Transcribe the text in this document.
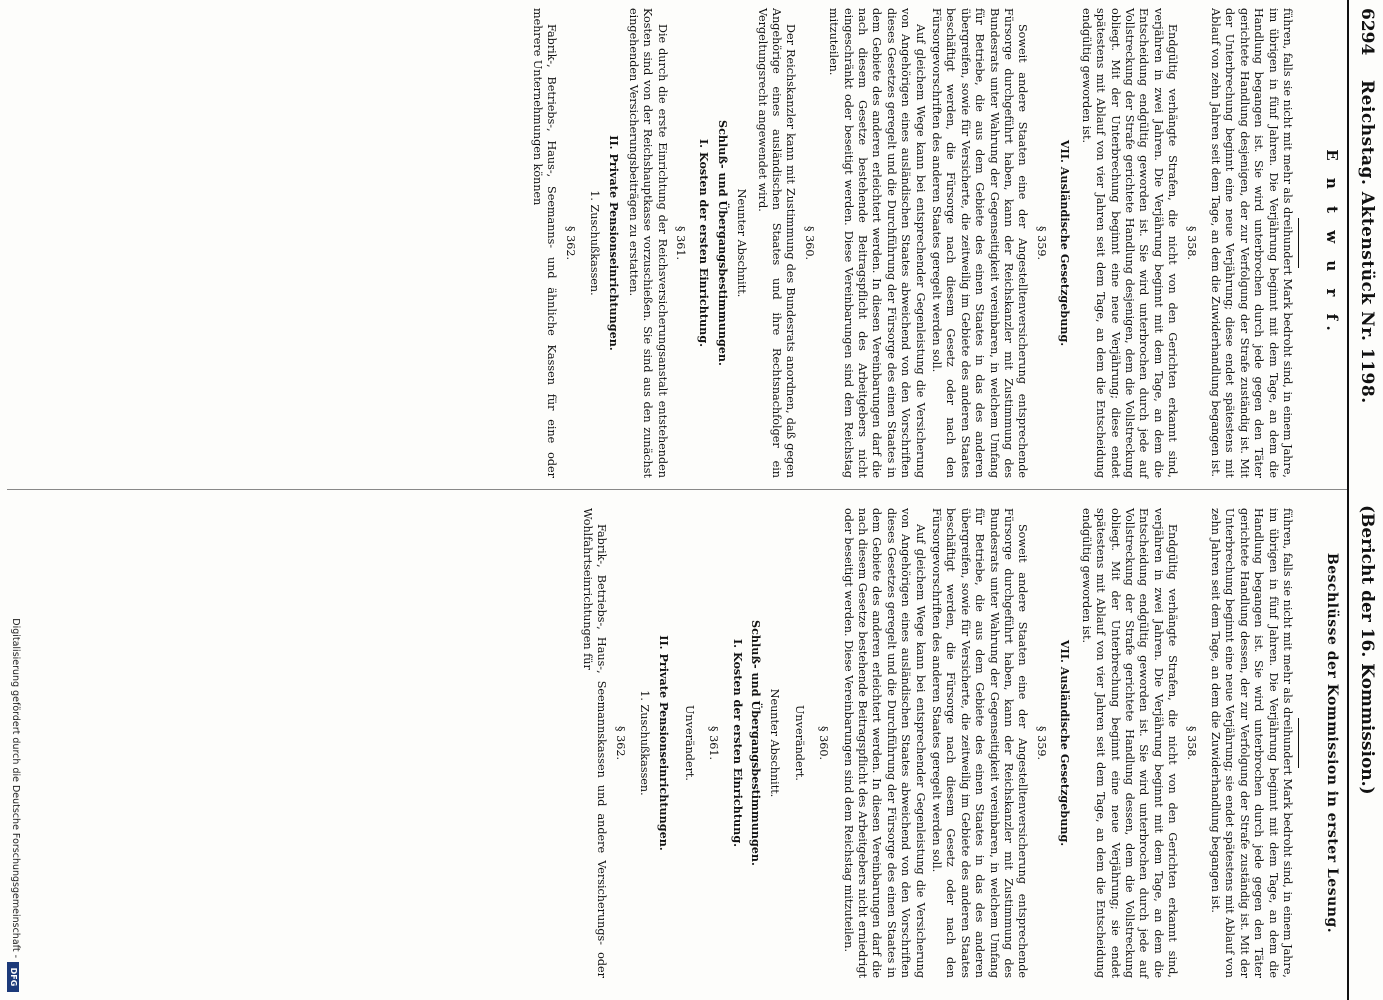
6294
Reichstag. Aktenstück Nr. 1198.
(Bericht der 16. Kommission.)
E n t w u r f.

führen, falls sie nicht mit mehr als dreihundert Mark bedroht sind, in einem Jahre, im übrigen in fünf Jahren. Die Verjährung beginnt mit dem Tage, an dem die Handlung begangen ist. Sie wird unterbrochen durch jede gegen den Täter gerichtete Handlung desjenigen, der zur Verfolgung der Strafe zuständig ist. Mit der Unterbrechung beginnt eine neue Verjährung; diese endet spätestens mit Ablauf von zehn Jahren seit dem Tage, an dem die Zuwiderhandlung begangen ist.

§ 358.

Endgültig verhängte Strafen, die nicht von den Gerichten erkannt sind, verjähren in zwei Jahren. Die Verjährung beginnt mit dem Tage, an dem die Entscheidung endgültig geworden ist. Sie wird unterbrochen durch jede auf Vollstreckung der Strafe gerichtete Handlung desjenigen, dem die Vollstreckung obliegt. Mit der Unterbrechung beginnt eine neue Verjährung; diese endet spätestens mit Ablauf von vier Jahren seit dem Tage, an dem die Entscheidung endgültig geworden ist.

VII. Ausländische Gesetzgebung.
§ 359.

Soweit andere Staaten eine der Angestelltenversicherung entsprechende Fürsorge durchgeführt haben, kann der Reichskanzler mit Zustimmung des Bundesrats unter Wahrung der Gegenseitigkeit vereinbaren, in welchem Umfang für Betriebe, die aus dem Gebiete des einen Staates in das des anderen übergreifen, sowie für Versicherte, die zeitweilig im Gebiete des anderen Staates beschäftigt werden, die Fürsorge nach diesem Gesetz oder nach den Fürsorgevorschriften des anderen Staates geregelt werden soll.

Auf gleichem Wege kann bei entsprechender Gegenleistung die Versicherung von Angehörigen eines ausländischen Staates abweichend von den Vorschriften dieses Gesetzes geregelt und die Durchführung der Fürsorge des einen Staates in dem Gebiete des anderen erleichtert werden. In diesen Vereinbarungen darf die nach diesem Gesetze bestehende Beitragspflicht des Arbeitgebers nicht eingeschränkt oder beseitigt werden. Diese Vereinbarungen sind dem Reichstag mitzuteilen.

§ 360.

Der Reichskanzler kann mit Zustimmung des Bundesrats anordnen, daß gegen Angehörige eines ausländischen Staates und ihre Rechtsnachfolger ein Vergeltungsrecht angewendet wird.

Neunter Abschnitt.
Schluß- und Übergangsbestimmungen.
I. Kosten der ersten Einrichtung.
§ 361.

Die durch die erste Einrichtung der Reichsversicherungsanstalt entstehenden Kosten sind von der Reichshauptkasse vorzuschießen. Sie sind aus den zunächst eingehenden Versicherungsbeiträgen zu erstatten.

II. Private Pensionseinrichtungen.
1. Zuschußkassen.
§ 362.

Fabrik-, Betriebs-, Haus-, Seemanns- und ähnliche Kassen für eine oder mehrere Unternehmungen können

Beschlüsse der Kommission in erster Lesung.

führen, falls sie nicht mit mehr als dreihundert Mark bedroht sind, in einem Jahre, im übrigen in fünf Jahren. Die Verjährung beginnt mit dem Tage, an dem die Handlung begangen ist. Sie wird unterbrochen durch jede gegen den Täter gerichtete Handlung dessen, der zur Verfolgung der Strafe zuständig ist. Mit der Unterbrechung beginnt eine neue Verjährung; sie endet spätestens mit Ablauf von zehn Jahren seit dem Tage, an dem die Zuwiderhandlung begangen ist.

§ 358.

Endgültig verhängte Strafen, die nicht von den Gerichten erkannt sind, verjähren in zwei Jahren. Die Verjährung beginnt mit dem Tage, an dem die Entscheidung endgültig geworden ist. Sie wird unterbrochen durch jede auf Vollstreckung der Strafe gerichtete Handlung dessen, dem die Vollstreckung obliegt. Mit der Unterbrechung beginnt eine neue Verjährung; sie endet spätestens mit Ablauf von vier Jahren seit dem Tage, an dem die Entscheidung endgültig geworden ist.

VII. Ausländische Gesetzgebung.
§ 359.

Soweit andere Staaten eine der Angestelltenversicherung entsprechende Fürsorge durchgeführt haben, kann der Reichskanzler mit Zustimmung des Bundesrats unter Wahrung der Gegenseitigkeit vereinbaren, in welchem Umfang für Betriebe, die aus dem Gebiete des einen Staates in das des anderen übergreifen, sowie für Versicherte, die zeitweilig im Gebiete des anderen Staates beschäftigt werden, die Fürsorge nach diesem Gesetz oder nach den Fürsorgevorschriften des anderen Staates geregelt werden soll.

Auf gleichem Wege kann bei entsprechender Gegenleistung die Versicherung von Angehörigen eines ausländischen Staates abweichend von den Vorschriften dieses Gesetzes geregelt und die Durchführung der Fürsorge des einen Staates in dem Gebiete des anderen erleichtert werden. In diesen Vereinbarungen darf die nach diesem Gesetze bestehende Beitragspflicht des Arbeitgebers nicht erniedrigt oder beseitigt werden. Diese Vereinbarungen sind dem Reichstag mitzuteilen.

§ 360.
Unverändert.
Neunter Abschnitt.
Schluß- und Übergangsbestimmungen.
I. Kosten der ersten Einrichtung.
§ 361.
Unverändert.
II. Private Pensionseinrichtungen.
1. Zuschußkassen.
§ 362.

Fabrik-, Betriebs-, Haus-, Seemannskassen und andere Versicherungs- oder Wohlfahrtseinrichtungen für

Digitalisierung gefördert durch die Deutsche Forschungsgemeinschaft -
DFG
